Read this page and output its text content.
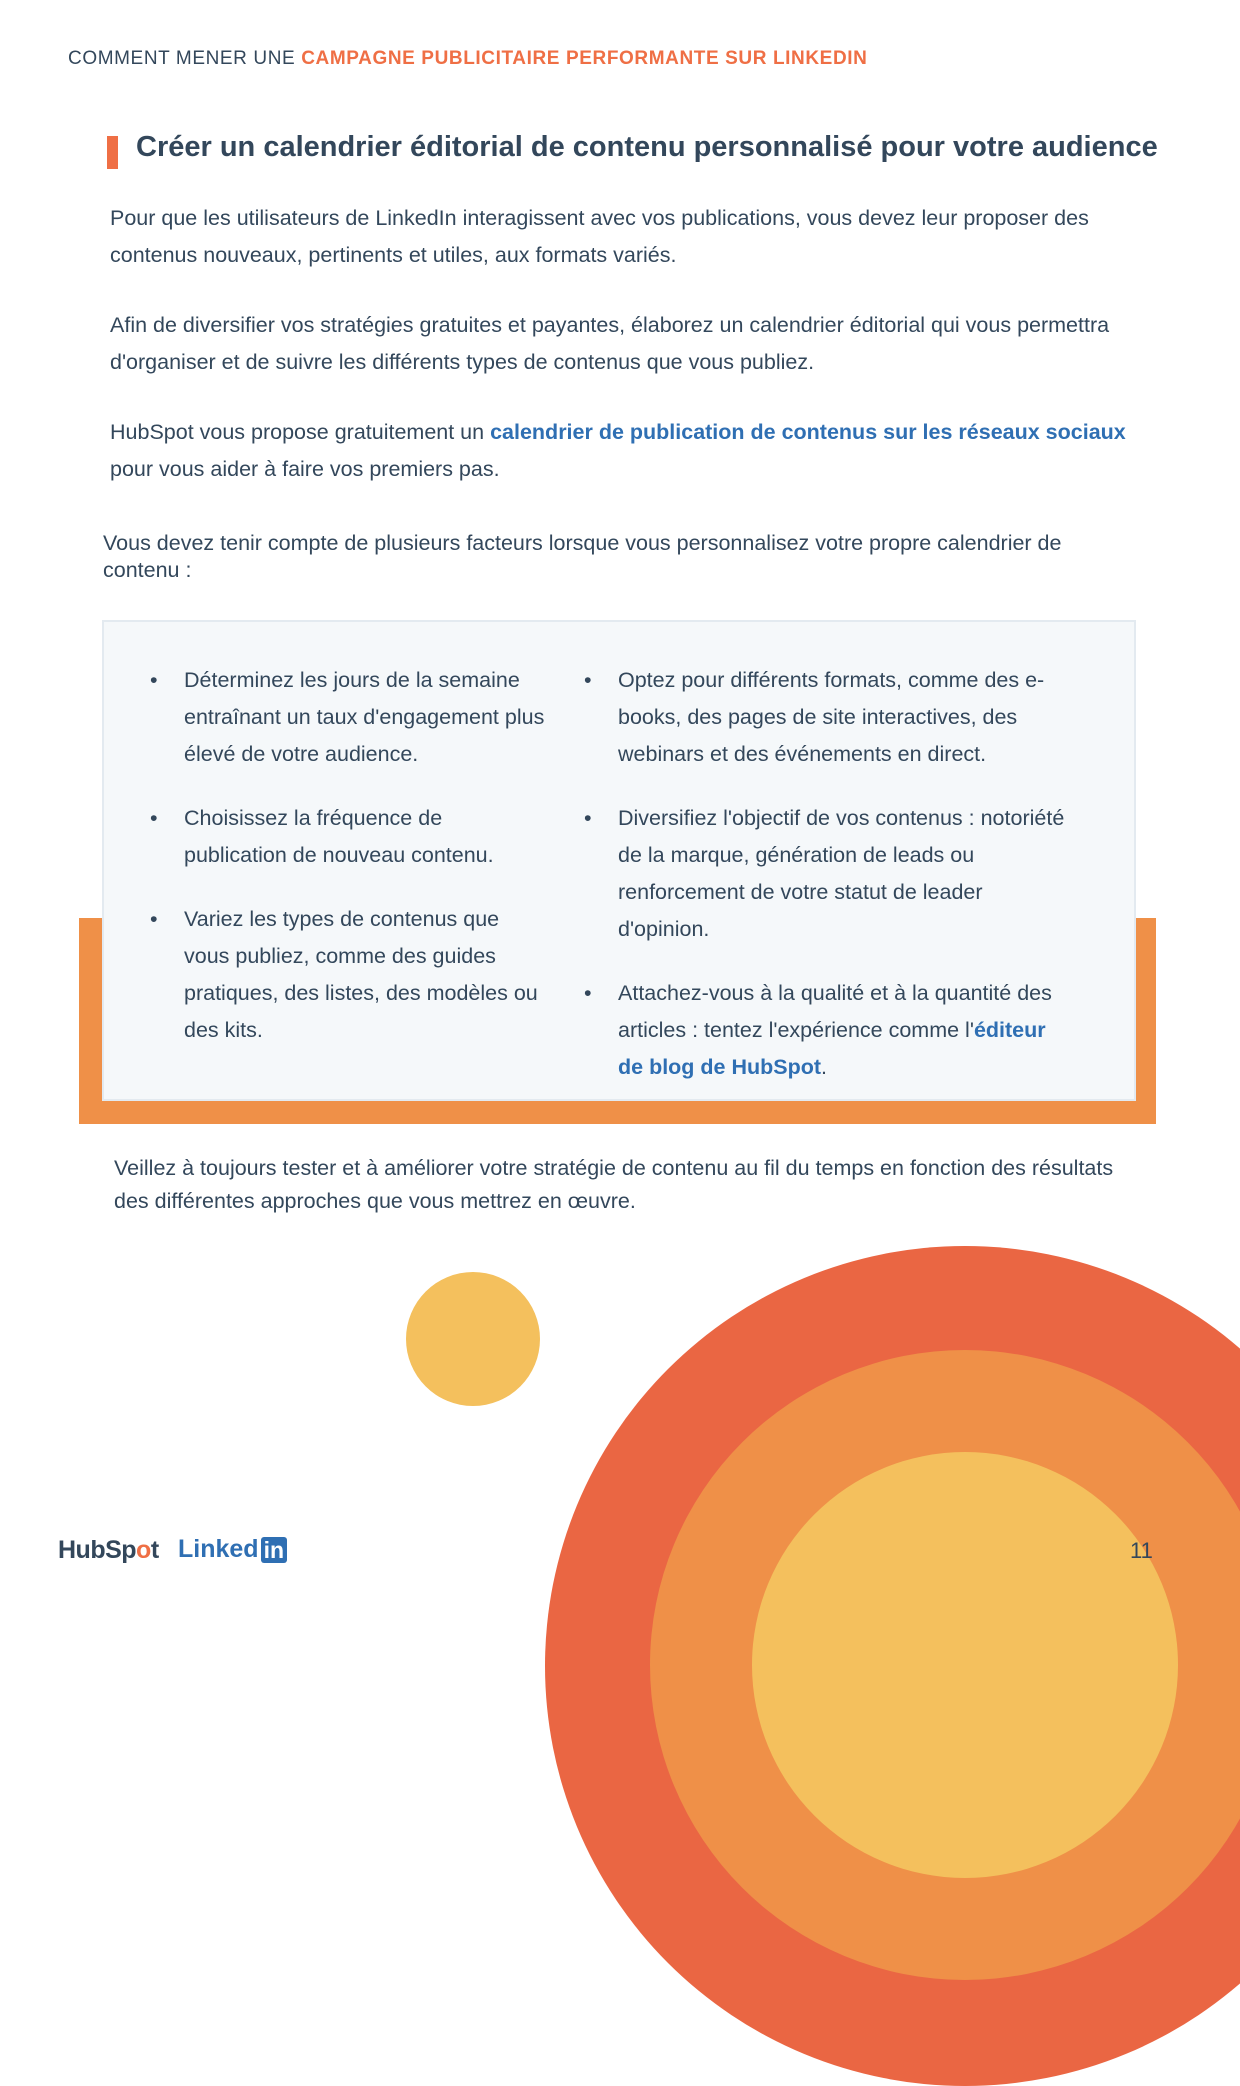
COMMENT MENER UNE CAMPAGNE PUBLICITAIRE PERFORMANTE SUR LINKEDIN
Créer un calendrier éditorial de contenu personnalisé pour votre audience

Pour que les utilisateurs de LinkedIn interagissent avec vos publications, vous devez leur proposer des contenus nouveaux, pertinents et utiles, aux formats variés.

Afin de diversifier vos stratégies gratuites et payantes, élaborez un calendrier éditorial qui vous permettra d'organiser et de suivre les différents types de contenus que vous publiez.

HubSpot vous propose gratuitement un calendrier de publication de contenus sur les réseaux sociaux pour vous aider à faire vos premiers pas.

Vous devez tenir compte de plusieurs facteurs lorsque vous personnalisez votre propre calendrier de contenu :

• Déterminez les jours de la semaine entraînant un taux d'engagement plus élevé de votre audience.
• Choisissez la fréquence de publication de nouveau contenu.
• Variez les types de contenus que vous publiez, comme des guides pratiques, des listes, des modèles ou des kits.
• Optez pour différents formats, comme des e-books, des pages de site interactives, des webinars et des événements en direct.
• Diversifiez l'objectif de vos contenus : notoriété de la marque, génération de leads ou renforcement de votre statut de leader d'opinion.
• Attachez-vous à la qualité et à la quantité des articles : tentez l'expérience comme l'éditeur de blog de HubSpot.

Veillez à toujours tester et à améliorer votre stratégie de contenu au fil du temps en fonction des résultats des différentes approches que vous mettrez en œuvre.

HubSpot Linked in	11
